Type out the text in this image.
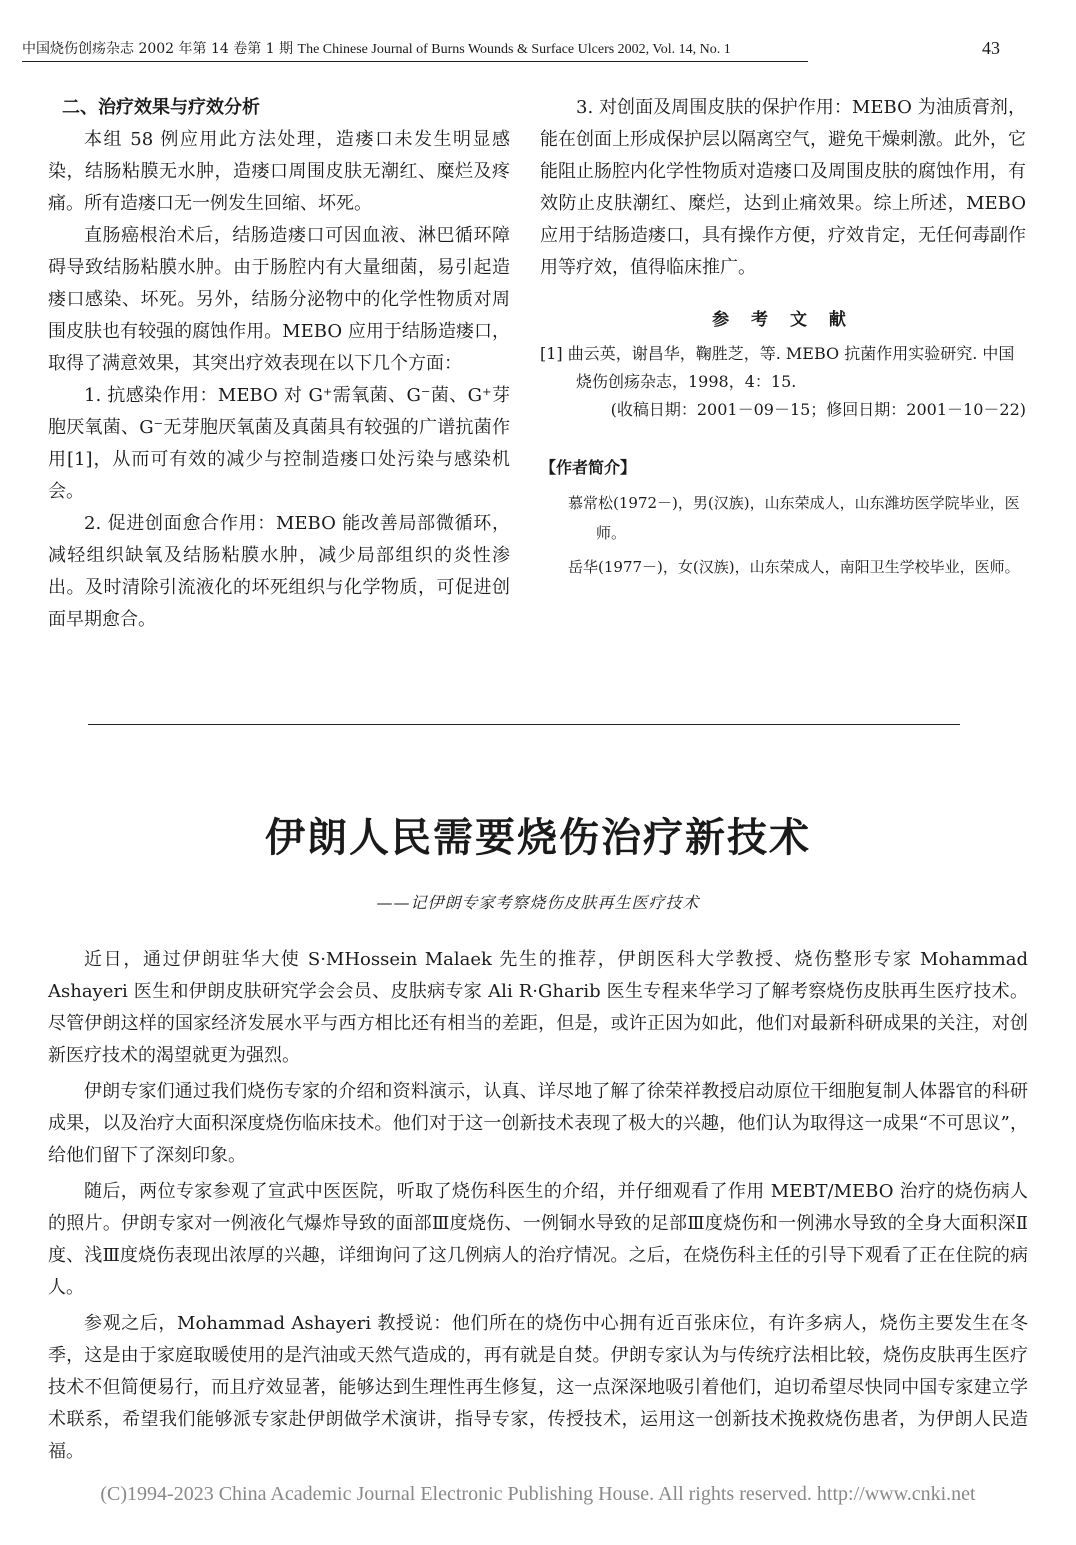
中国烧伤创疡杂志 2002 年第 14 卷第 1 期 The Chinese Journal of Burns Wounds & Surface Ulcers 2002, Vol. 14, No. 1	43
二、治疗效果与疗效分析

本组 58 例应用此方法处理，造瘘口未发生明显感染，结肠粘膜无水肿，造瘘口周围皮肤无潮红、糜烂及疼痛。所有造瘘口无一例发生回缩、坏死。

直肠癌根治术后，结肠造瘘口可因血液、淋巴循环障碍导致结肠粘膜水肿。由于肠腔内有大量细菌，易引起造瘘口感染、坏死。另外，结肠分泌物中的化学性物质对周围皮肤也有较强的腐蚀作用。MEBO 应用于结肠造瘘口，取得了满意效果，其突出疗效表现在以下几个方面：

1. 抗感染作用：MEBO 对 G⁺需氧菌、G⁻菌、G⁺芽胞厌氧菌、G⁻无芽胞厌氧菌及真菌具有较强的广谱抗菌作用[1]，从而可有效的减少与控制造瘘口处污染与感染机会。

2. 促进创面愈合作用：MEBO 能改善局部微循环，减轻组织缺氧及结肠粘膜水肿，减少局部组织的炎性渗出。及时清除引流液化的坏死组织与化学物质，可促进创面早期愈合。

3. 对创面及周围皮肤的保护作用：MEBO 为油质膏剂，能在创面上形成保护层以隔离空气，避免干燥刺激。此外，它能阻止肠腔内化学性物质对造瘘口及周围皮肤的腐蚀作用，有效防止皮肤潮红、糜烂，达到止痛效果。综上所述，MEBO 应用于结肠造瘘口，具有操作方便，疗效肯定，无任何毒副作用等疗效，值得临床推广。

参 考 文 献
[1] 曲云英，谢昌华，鞠胜芝，等. MEBO 抗菌作用实验研究. 中国烧伤创疡杂志，1998，4：15.
(收稿日期：2001－09－15；修回日期：2001－10－22)
【作者简介】
慕常松(1972－)，男(汉族)，山东荣成人，山东潍坊医学院毕业，医师。
岳华(1977－)，女(汉族)，山东荣成人，南阳卫生学校毕业，医师。
伊朗人民需要烧伤治疗新技术
——记伊朗专家考察烧伤皮肤再生医疗技术

近日，通过伊朗驻华大使 S·MHossein Malaek 先生的推荐，伊朗医科大学教授、烧伤整形专家 Mohammad Ashayeri 医生和伊朗皮肤研究学会会员、皮肤病专家 Ali R·Gharib 医生专程来华学习了解考察烧伤皮肤再生医疗技术。尽管伊朗这样的国家经济发展水平与西方相比还有相当的差距，但是，或许正因为如此，他们对最新科研成果的关注，对创新医疗技术的渴望就更为强烈。

伊朗专家们通过我们烧伤专家的介绍和资料演示，认真、详尽地了解了徐荣祥教授启动原位干细胞复制人体器官的科研成果，以及治疗大面积深度烧伤临床技术。他们对于这一创新技术表现了极大的兴趣，他们认为取得这一成果“不可思议”，给他们留下了深刻印象。

随后，两位专家参观了宣武中医医院，听取了烧伤科医生的介绍，并仔细观看了作用 MEBT/MEBO 治疗的烧伤病人的照片。伊朗专家对一例液化气爆炸导致的面部Ⅲ度烧伤、一例铜水导致的足部Ⅲ度烧伤和一例沸水导致的全身大面积深Ⅱ度、浅Ⅲ度烧伤表现出浓厚的兴趣，详细询问了这几例病人的治疗情况。之后，在烧伤科主任的引导下观看了正在住院的病人。

参观之后，Mohammad Ashayeri 教授说：他们所在的烧伤中心拥有近百张床位，有许多病人，烧伤主要发生在冬季，这是由于家庭取暖使用的是汽油或天然气造成的，再有就是自焚。伊朗专家认为与传统疗法相比较，烧伤皮肤再生医疗技术不但简便易行，而且疗效显著，能够达到生理性再生修复，这一点深深地吸引着他们，迫切希望尽快同中国专家建立学术联系，希望我们能够派专家赴伊朗做学术演讲，指导专家，传授技术，运用这一创新技术挽救烧伤患者，为伊朗人民造福。

(C)1994-2023 China Academic Journal Electronic Publishing House. All rights reserved. http://www.cnki.net
